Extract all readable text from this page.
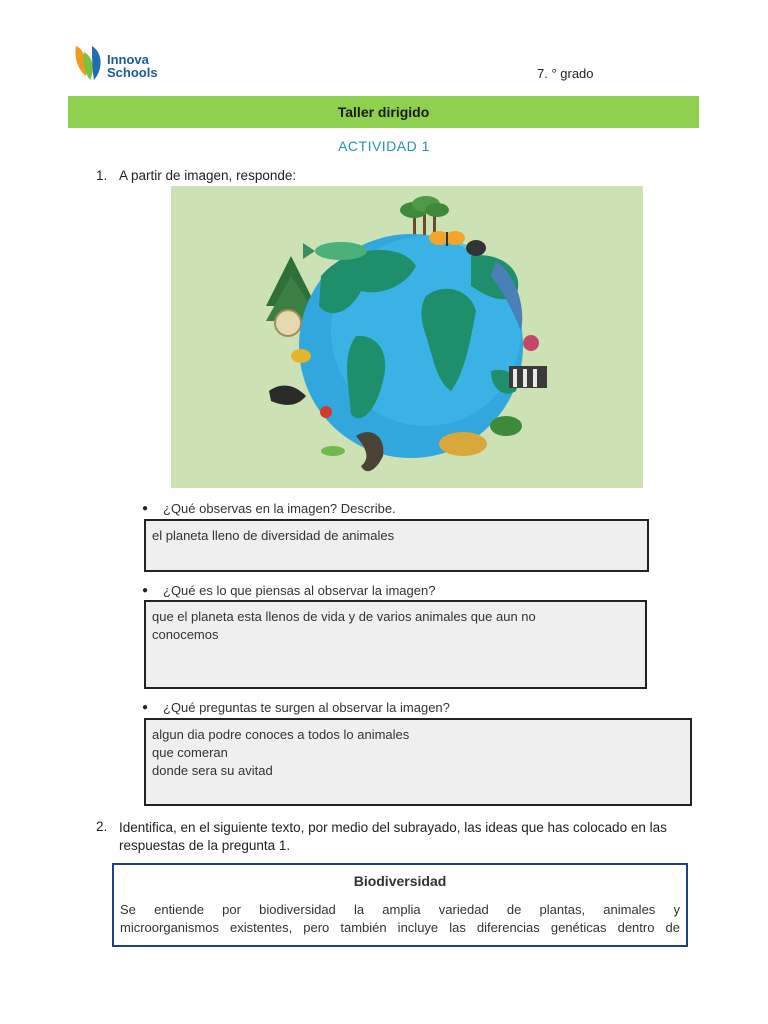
Innova
Schools	7. ° grado
Taller dirigido
ACTIVIDAD 1
1. A partir de imagen, responde:
● ¿Qué observas en la imagen? Describe.
el planeta lleno de diversidad de animales
● ¿Qué es lo que piensas al observar la imagen?
que el planeta esta llenos de vida y de varios animales que aun no
conocemos
● ¿Qué preguntas te surgen al observar la imagen?
algun dia podre conoces a todos lo animales
que comeran
donde sera su avitad
2. Identifica, en el siguiente texto, por medio del subrayado, las ideas que has colocado en las
respuestas de la pregunta 1.
Biodiversidad
Se entiende por biodiversidad la amplia variedad de plantas, animales y
microorganismos existentes, pero también incluye las diferencias genéticas dentro de
